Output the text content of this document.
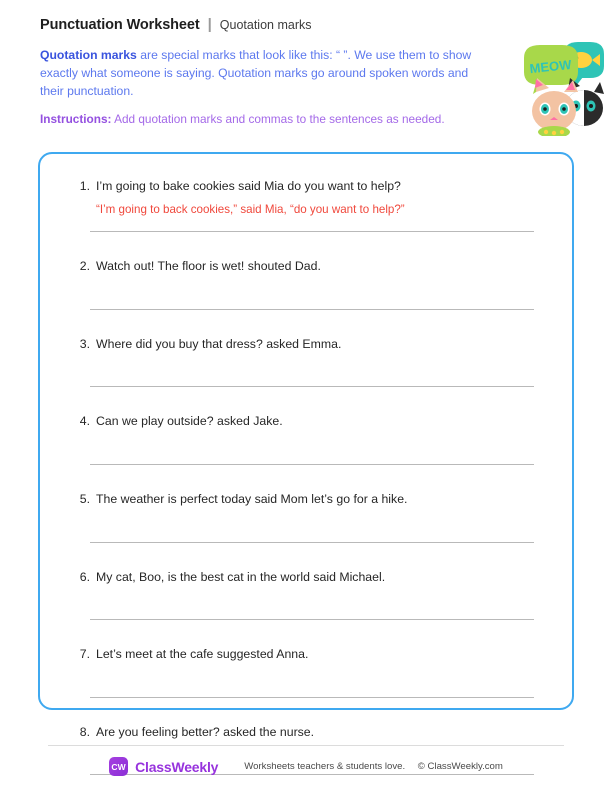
Punctuation Worksheet | Quotation marks
Quotation marks are special marks that look like this: “ ”. We use them to show exactly what someone is saying. Quotation marks go around spoken words and their punctuation.
Instructions: Add quotation marks and commas to the sentences as needed.
MEOW
1. I’m going to bake cookies said Mia do you want to help?
“I’m going to back cookies,” said Mia, “do you want to help?”
2. Watch out! The floor is wet! shouted Dad.
3. Where did you buy that dress? asked Emma.
4. Can we play outside? asked Jake.
5. The weather is perfect today said Mom let’s go for a hike.
6. My cat, Boo, is the best cat in the world said Michael.
7. Let’s meet at the cafe suggested Anna.
8. Are you feeling better? asked the nurse.
CW ClassWeekly	Worksheets teachers & students love. © ClassWeekly.com
